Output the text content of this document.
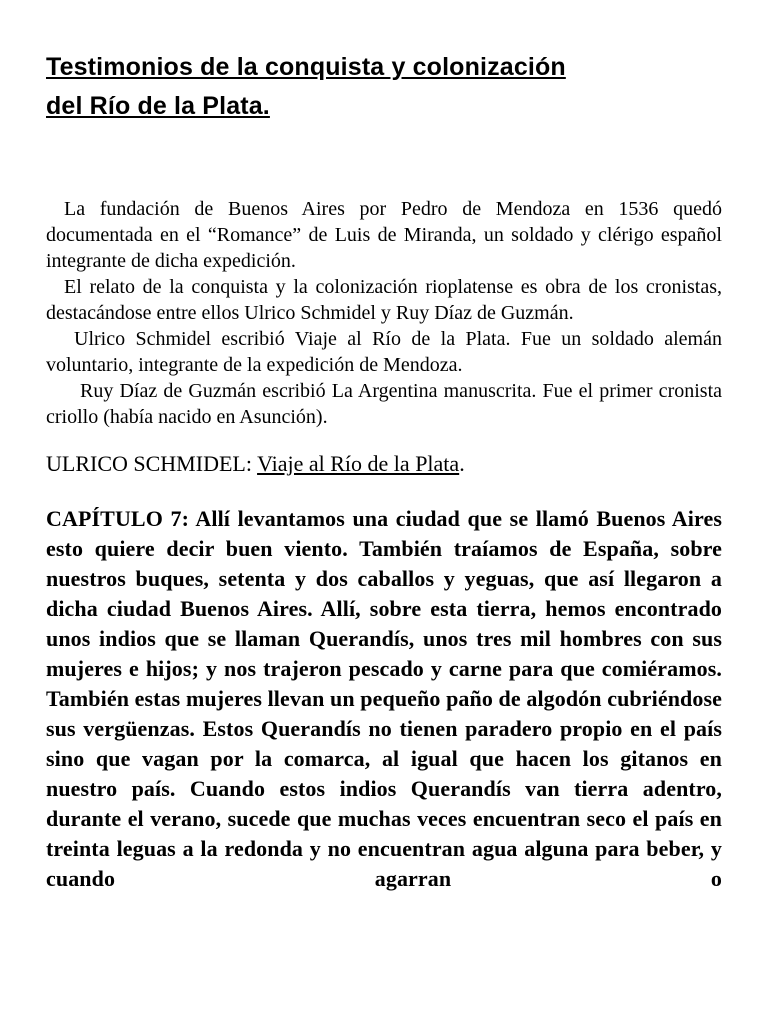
Testimonios de la conquista y colonización
del Río de la Plata.

La fundación de Buenos Aires por Pedro de Mendoza en 1536 quedó documentada en el “Romance” de Luis de Miranda, un soldado y clérigo español integrante de dicha expedición.

El relato de la conquista y la colonización rioplatense es obra de los cronistas, destacándose entre ellos Ulrico Schmidel y Ruy Díaz de Guzmán.

Ulrico Schmidel escribió Viaje al Río de la Plata. Fue un soldado alemán voluntario, integrante de la expedición de Mendoza.

Ruy Díaz de Guzmán escribió La Argentina manuscrita. Fue el primer cronista criollo (había nacido en Asunción).

ULRICO SCHMIDEL: Viaje al Río de la Plata.

CAPÍTULO 7: Allí levantamos una ciudad que se llamó Buenos Aires esto quiere decir buen viento. También traíamos de España, sobre nuestros buques, setenta y dos caballos y yeguas, que así llegaron a dicha ciudad Buenos Aires. Allí, sobre esta tierra, hemos encontrado unos indios que se llaman Querandís, unos tres mil hombres con sus mujeres e hijos; y nos trajeron pescado y carne para que comiéramos. También estas mujeres llevan un pequeño paño de algodón cubriéndose sus vergüenzas. Estos Querandís no tienen paradero propio en el país sino que vagan por la comarca, al igual que hacen los gitanos en nuestro país. Cuando estos indios Querandís van tierra adentro, durante el verano, sucede que muchas veces encuentran seco el país en treinta leguas a la redonda y no encuentran agua alguna para beber, y cuando agarran o
